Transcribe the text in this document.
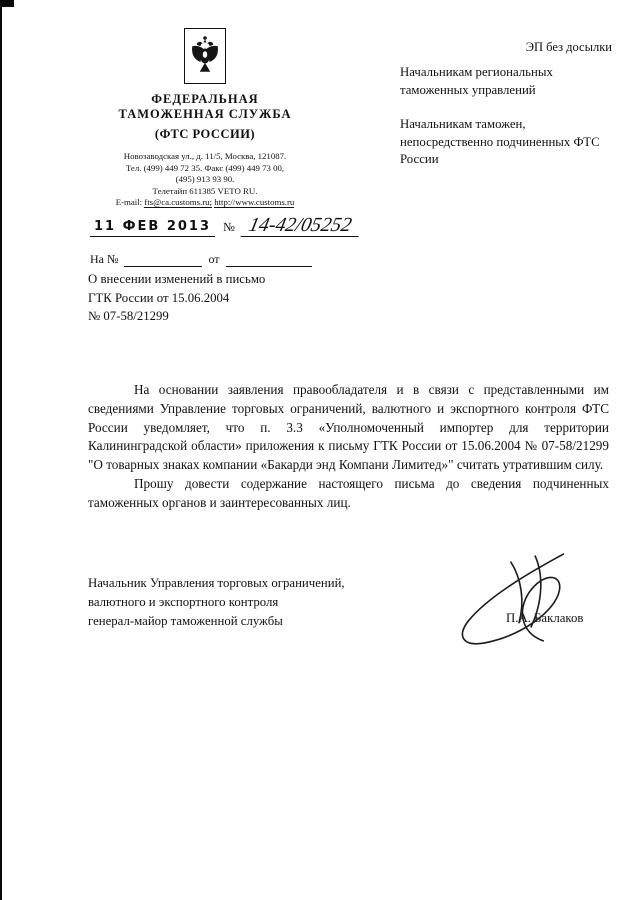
ЭП без досылки
ФЕДЕРАЛЬНАЯ
ТАМОЖЕННАЯ СЛУЖБА
(ФТС РОССИИ)
Новозаводская ул., д. 11/5, Москва, 121087.
Тел. (499) 449 72 35. Факс (499) 449 73 00,
(495) 913 93 90.
Телетайп 611385 VETO RU.
E-mail: fts@ca.customs.ru; http://www.customs.ru
11 ФЕВ 2013 № 14-42/05252
На №	от
Начальникам региональных таможенных управлений
Начальникам таможен, непосредственно подчиненных ФТС России
О внесении изменений в письмо
ГТК России от 15.06.2004
№ 07-58/21299

На основании заявления правообладателя и в связи с представленными им сведениями Управление торговых ограничений, валютного и экспортного контроля ФТС России уведомляет, что п. 3.3 «Уполномоченный импортер для территории Калининградской области» приложения к письму ГТК России от 15.06.2004 № 07-58/21299 "О товарных знаках компании «Бакарди энд Компани Лимитед»" считать утратившим силу.

Прошу довести содержание настоящего письма до сведения подчиненных таможенных органов и заинтересованных лиц.

Начальник Управления торговых ограничений,
валютного и экспортного контроля
генерал-майор таможенной службы	П.А. Баклаков
